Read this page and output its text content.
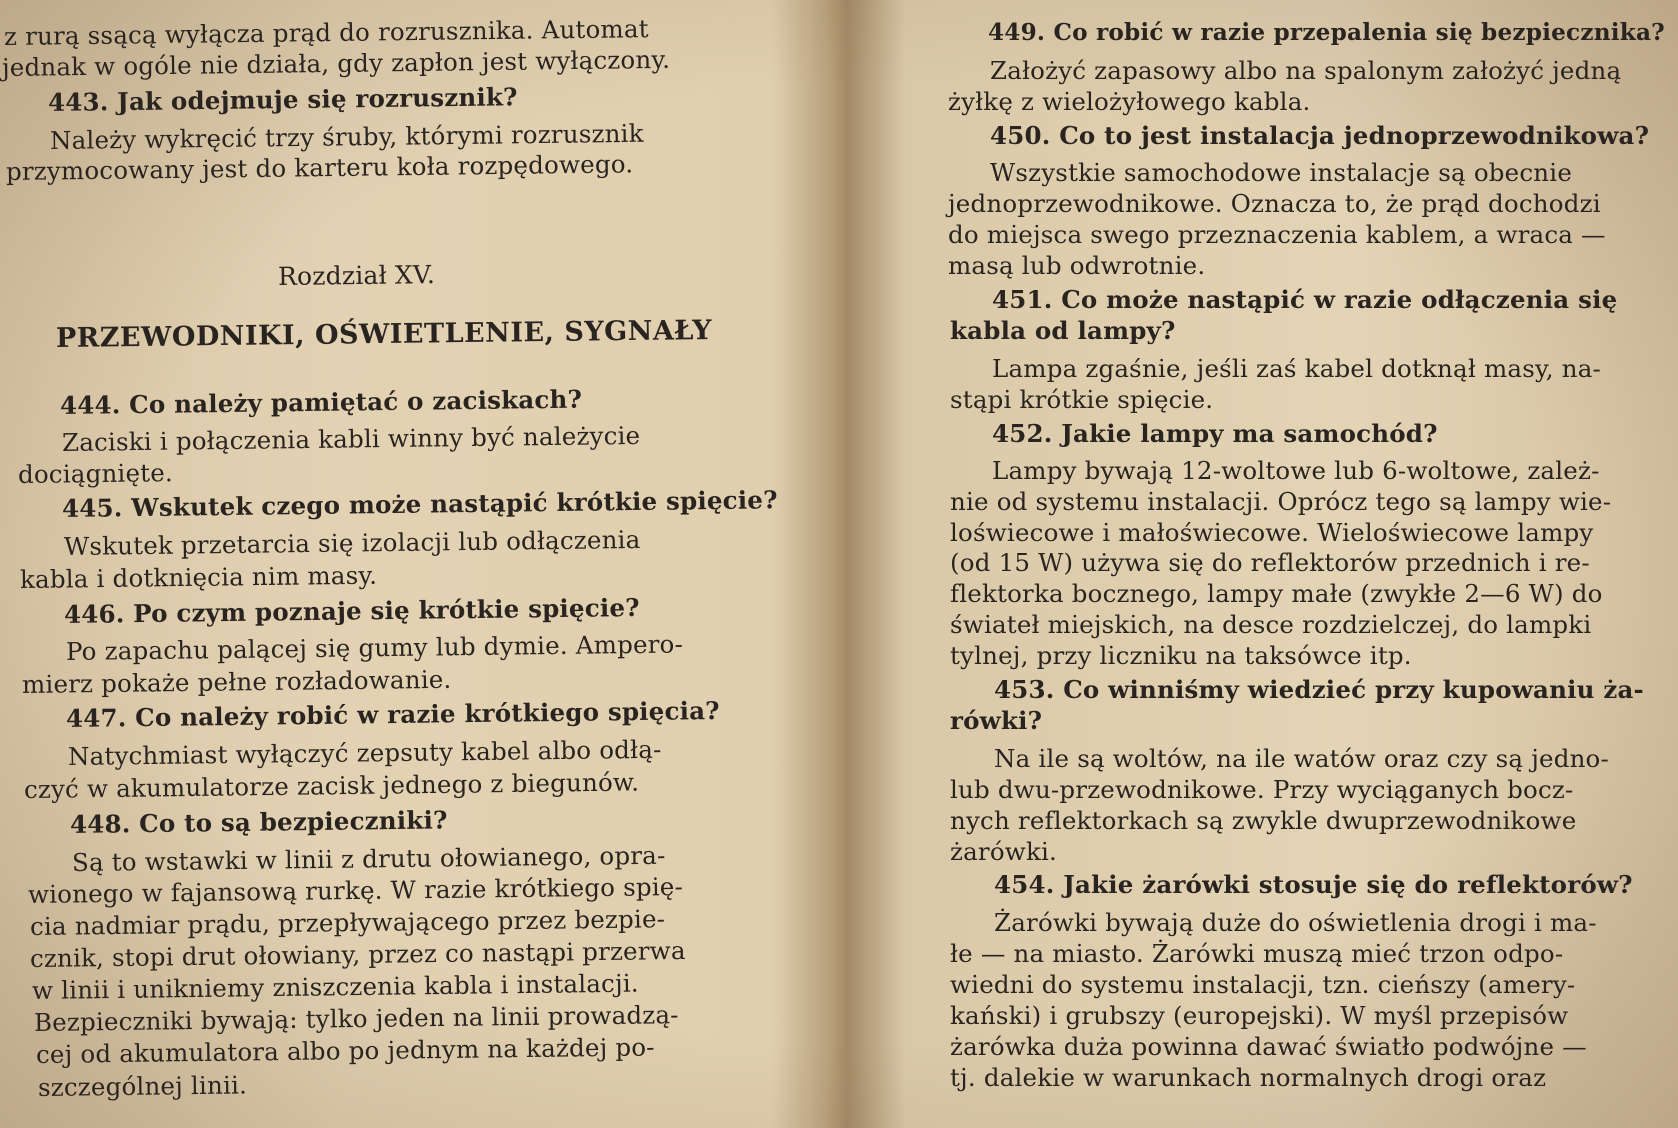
z rurą ssącą wyłącza prąd do rozrusznika. Automat
jednak w ogóle nie działa, gdy zapłon jest wyłączony.
443. Jak odejmuje się rozrusznik?
Należy wykręcić trzy śruby, którymi rozrusznik
przymocowany jest do karteru koła rozpędowego.
Rozdział XV.
PRZEWODNIKI, OŚWIETLENIE, SYGNAŁY
444. Co należy pamiętać o zaciskach?
Zaciski i połączenia kabli winny być należycie
dociągnięte.
445. Wskutek czego może nastąpić krótkie spięcie?
Wskutek przetarcia się izolacji lub odłączenia
kabla i dotknięcia nim masy.
446. Po czym poznaje się krótkie spięcie?
Po zapachu palącej się gumy lub dymie. Ampero-
mierz pokaże pełne rozładowanie.
447. Co należy robić w razie krótkiego spięcia?
Natychmiast wyłączyć zepsuty kabel albo odłą-
czyć w akumulatorze zacisk jednego z biegunów.
448. Co to są bezpieczniki?
Są to wstawki w linii z drutu ołowianego, opra-
wionego w fajansową rurkę. W razie krótkiego spię-
cia nadmiar prądu, przepływającego przez bezpie-
cznik, stopi drut ołowiany, przez co nastąpi przerwa
w linii i unikniemy zniszczenia kabla i instalacji.
Bezpieczniki bywają: tylko jeden na linii prowadzą-
cej od akumulatora albo po jednym na każdej po-
szczególnej linii.
449. Co robić w razie przepalenia się bezpiecznika?
Założyć zapasowy albo na spalonym założyć jedną
żyłkę z wielożyłowego kabla.
450. Co to jest instalacja jednoprzewodnikowa?
Wszystkie samochodowe instalacje są obecnie
jednoprzewodnikowe. Oznacza to, że prąd dochodzi
do miejsca swego przeznaczenia kablem, a wraca —
masą lub odwrotnie.
451. Co może nastąpić w razie odłączenia się
kabla od lampy?
Lampa zgaśnie, jeśli zaś kabel dotknął masy, na-
stąpi krótkie spięcie.
452. Jakie lampy ma samochód?
Lampy bywają 12-woltowe lub 6-woltowe, zależ-
nie od systemu instalacji. Oprócz tego są lampy wie-
loświecowe i małoświecowe. Wieloświecowe lampy
(od 15 W) używa się do reflektorów przednich i re-
flektorka bocznego, lampy małe (zwykłe 2—6 W) do
świateł miejskich, na desce rozdzielczej, do lampki
tylnej, przy liczniku na taksówce itp.
453. Co winniśmy wiedzieć przy kupowaniu ża-
rówki?
Na ile są woltów, na ile watów oraz czy są jedno-
lub dwu-przewodnikowe. Przy wyciąganych bocz-
nych reflektorkach są zwykle dwuprzewodnikowe
żarówki.
454. Jakie żarówki stosuje się do reflektorów?
Żarówki bywają duże do oświetlenia drogi i ma-
łe — na miasto. Żarówki muszą mieć trzon odpo-
wiedni do systemu instalacji, tzn. cieńszy (amery-
kański) i grubszy (europejski). W myśl przepisów
żarówka duża powinna dawać światło podwójne —
tj. dalekie w warunkach normalnych drogi oraz
